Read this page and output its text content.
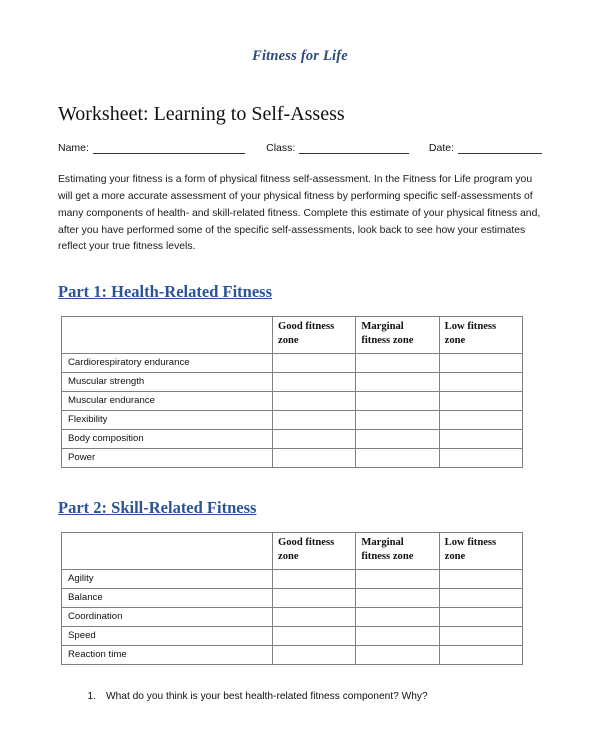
Fitness for Life
Worksheet: Learning to Self-Assess
Name:	Class:	Date:

Estimating your fitness is a form of physical fitness self-assessment. In the Fitness for Life program you will get a more accurate assessment of your physical fitness by performing specific self-assessments of many components of health- and skill-related fitness. Complete this estimate of your physical fitness and, after you have performed some of the specific self-assessments, look back to see how your estimates reflect your true fitness levels.

Part 1: Health-Related Fitness
	Good fitness zone	Marginal fitness zone	Low fitness zone
Cardiorespiratory endurance			
Muscular strength			
Muscular endurance			
Flexibility			
Body composition			
Power			
Part 2: Skill-Related Fitness
	Good fitness zone	Marginal fitness zone	Low fitness zone
Agility			
Balance			
Coordination			
Speed			
Reaction time			
1. What do you think is your best health-related fitness component? Why?
